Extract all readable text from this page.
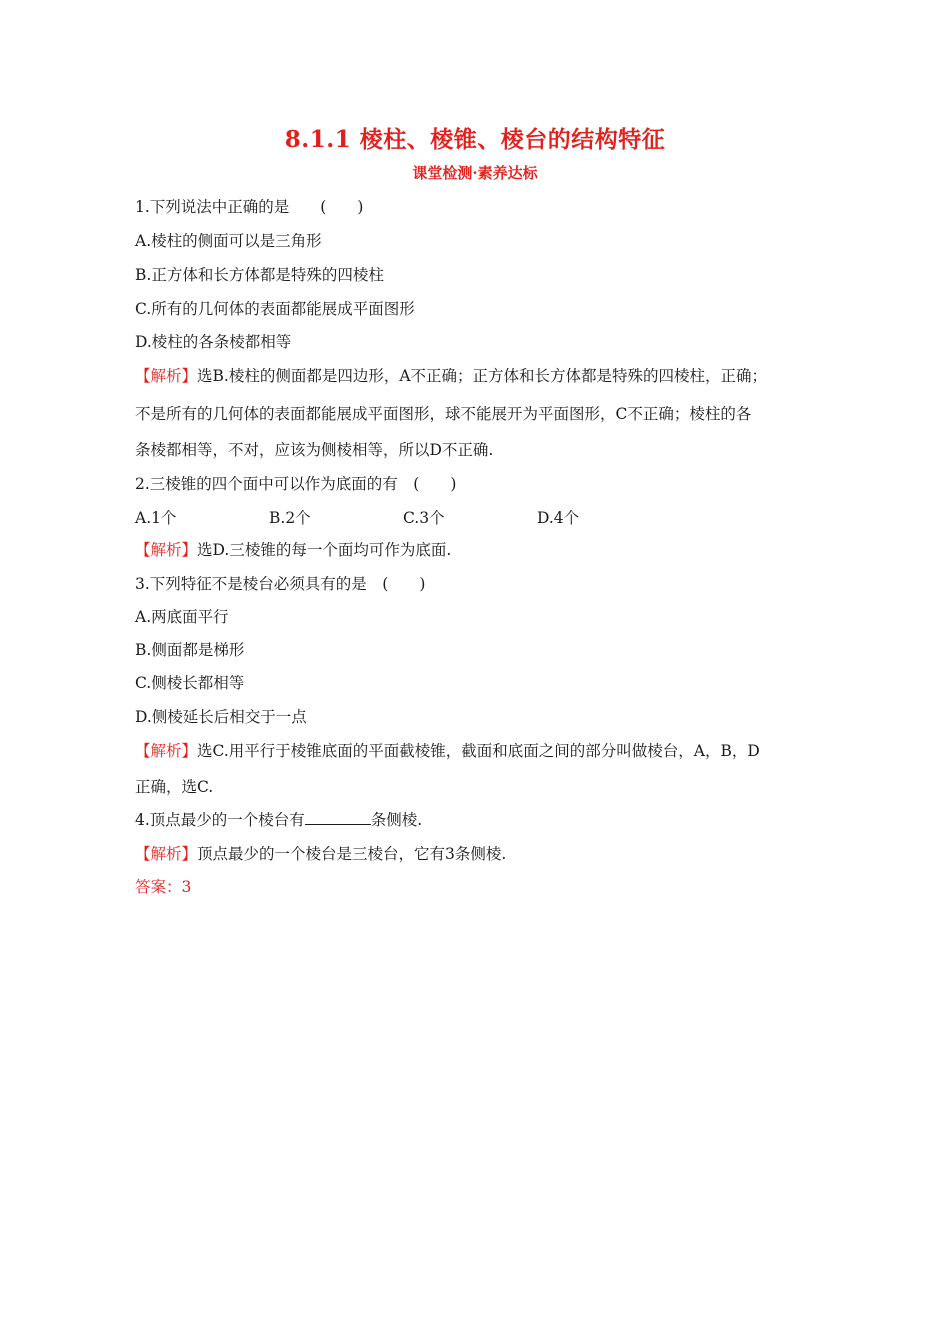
8.1.1 棱柱、棱锥、棱台的结构特征
课堂检测·素养达标
1.下列说法中正确的是　　(　　)
A.棱柱的侧面可以是三角形
B.正方体和长方体都是特殊的四棱柱
C.所有的几何体的表面都能展成平面图形
D.棱柱的各条棱都相等
【解析】选B.棱柱的侧面都是四边形，A不正确；正方体和长方体都是特殊的四棱柱，正确；
不是所有的几何体的表面都能展成平面图形，球不能展开为平面图形，C不正确；棱柱的各
条棱都相等，不对，应该为侧棱相等，所以D不正确.
2.三棱锥的四个面中可以作为底面的有　(　　)
A.1个	B.2个	C.3个	D.4个
【解析】选D.三棱锥的每一个面均可作为底面.
3.下列特征不是棱台必须具有的是　(　　)
A.两底面平行
B.侧面都是梯形
C.侧棱长都相等
D.侧棱延长后相交于一点
【解析】选C.用平行于棱锥底面的平面截棱锥，截面和底面之间的部分叫做棱台，A，B，D
正确，选C.
4.顶点最少的一个棱台有	条侧棱.
【解析】顶点最少的一个棱台是三棱台，它有3条侧棱.
答案：3
